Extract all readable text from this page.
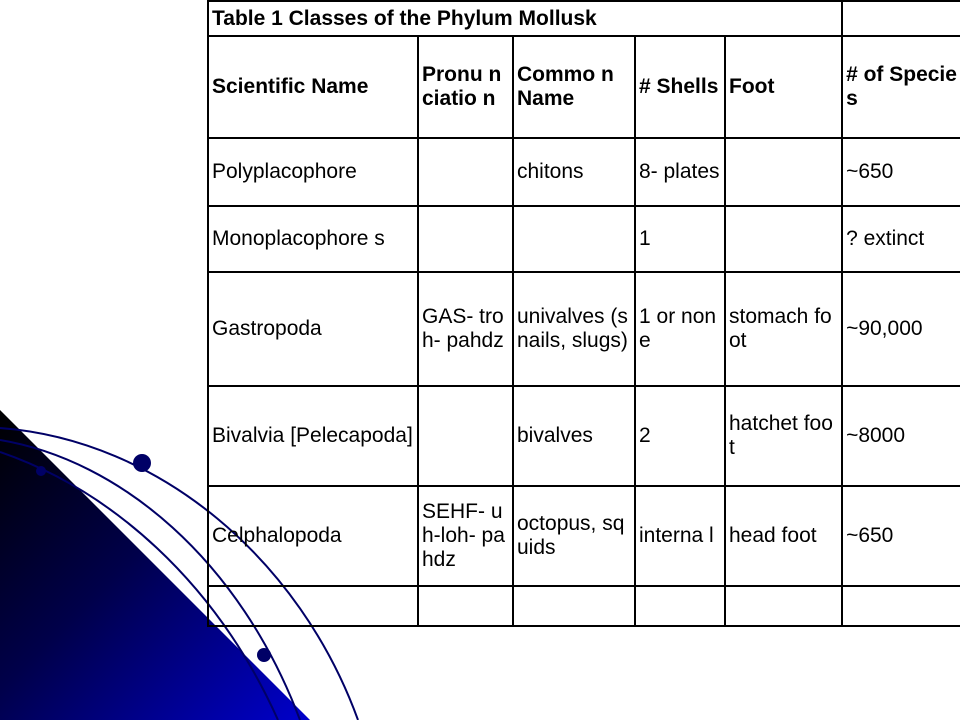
Table 1 Classes of the Phylum Mollusk					
Scientific Name	Pronu nciatio n	Commo n Name	# Shells	Foot	# of Species
Polyplacophore		chitons	8- plates		~650
Monoplacophore s			1		? extinct
Gastropoda	GAS- troh- pahdz	univalves (snails, slugs)	1 or none	stomach foot	~90,000
Bivalvia [Pelecapoda]		bivalves	2	hatchet foot	~8000
Celphalopoda	SEHF- uh-loh- pahdz	octopus, squids	interna l	head foot	~650
